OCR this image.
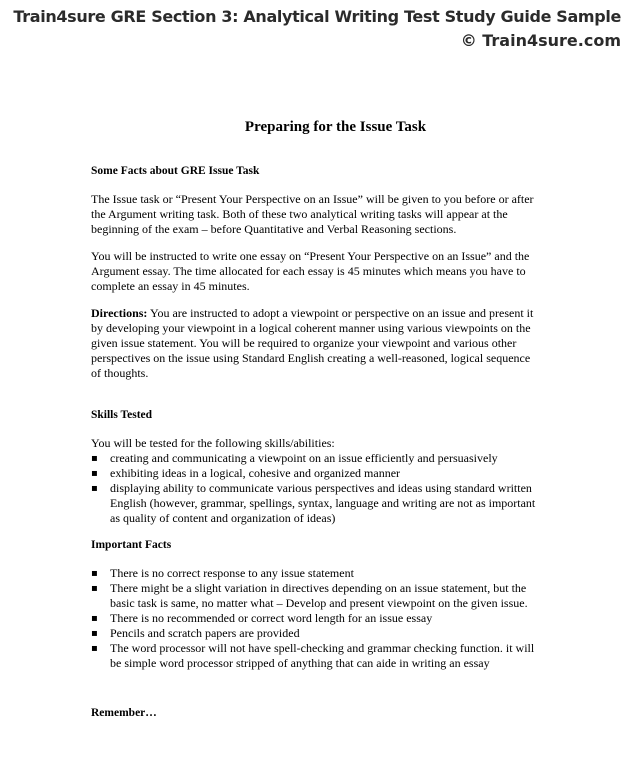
Train4sure GRE Section 3: Analytical Writing Test Study Guide Sample
© Train4sure.com
Preparing for the Issue Task
Some Facts about GRE Issue Task

The Issue task or “Present Your Perspective on an Issue” will be given to you before or after the Argument writing task. Both of these two analytical writing tasks will appear at the beginning of the exam – before Quantitative and Verbal Reasoning sections.

You will be instructed to write one essay on “Present Your Perspective on an Issue” and the Argument essay. The time allocated for each essay is 45 minutes which means you have to complete an essay in 45 minutes.

Directions: You are instructed to adopt a viewpoint or perspective on an issue and present it by developing your viewpoint in a logical coherent manner using various viewpoints on the given issue statement. You will be required to organize your viewpoint and various other perspectives on the issue using Standard English creating a well-reasoned, logical sequence of thoughts.

Skills Tested

You will be tested for the following skills/abilities:

▪ creating and communicating a viewpoint on an issue efficiently and persuasively
▪ exhibiting ideas in a logical, cohesive and organized manner
▪ displaying ability to communicate various perspectives and ideas using standard written English (however, grammar, spellings, syntax, language and writing are not as important as quality of content and organization of ideas)
Important Facts
▪ There is no correct response to any issue statement
▪ There might be a slight variation in directives depending on an issue statement, but the basic task is same, no matter what – Develop and present viewpoint on the given issue.
▪ There is no recommended or correct word length for an issue essay
▪ Pencils and scratch papers are provided
▪ The word processor will not have spell-checking and grammar checking function. it will be simple word processor stripped of anything that can aide in writing an essay
Remember…
